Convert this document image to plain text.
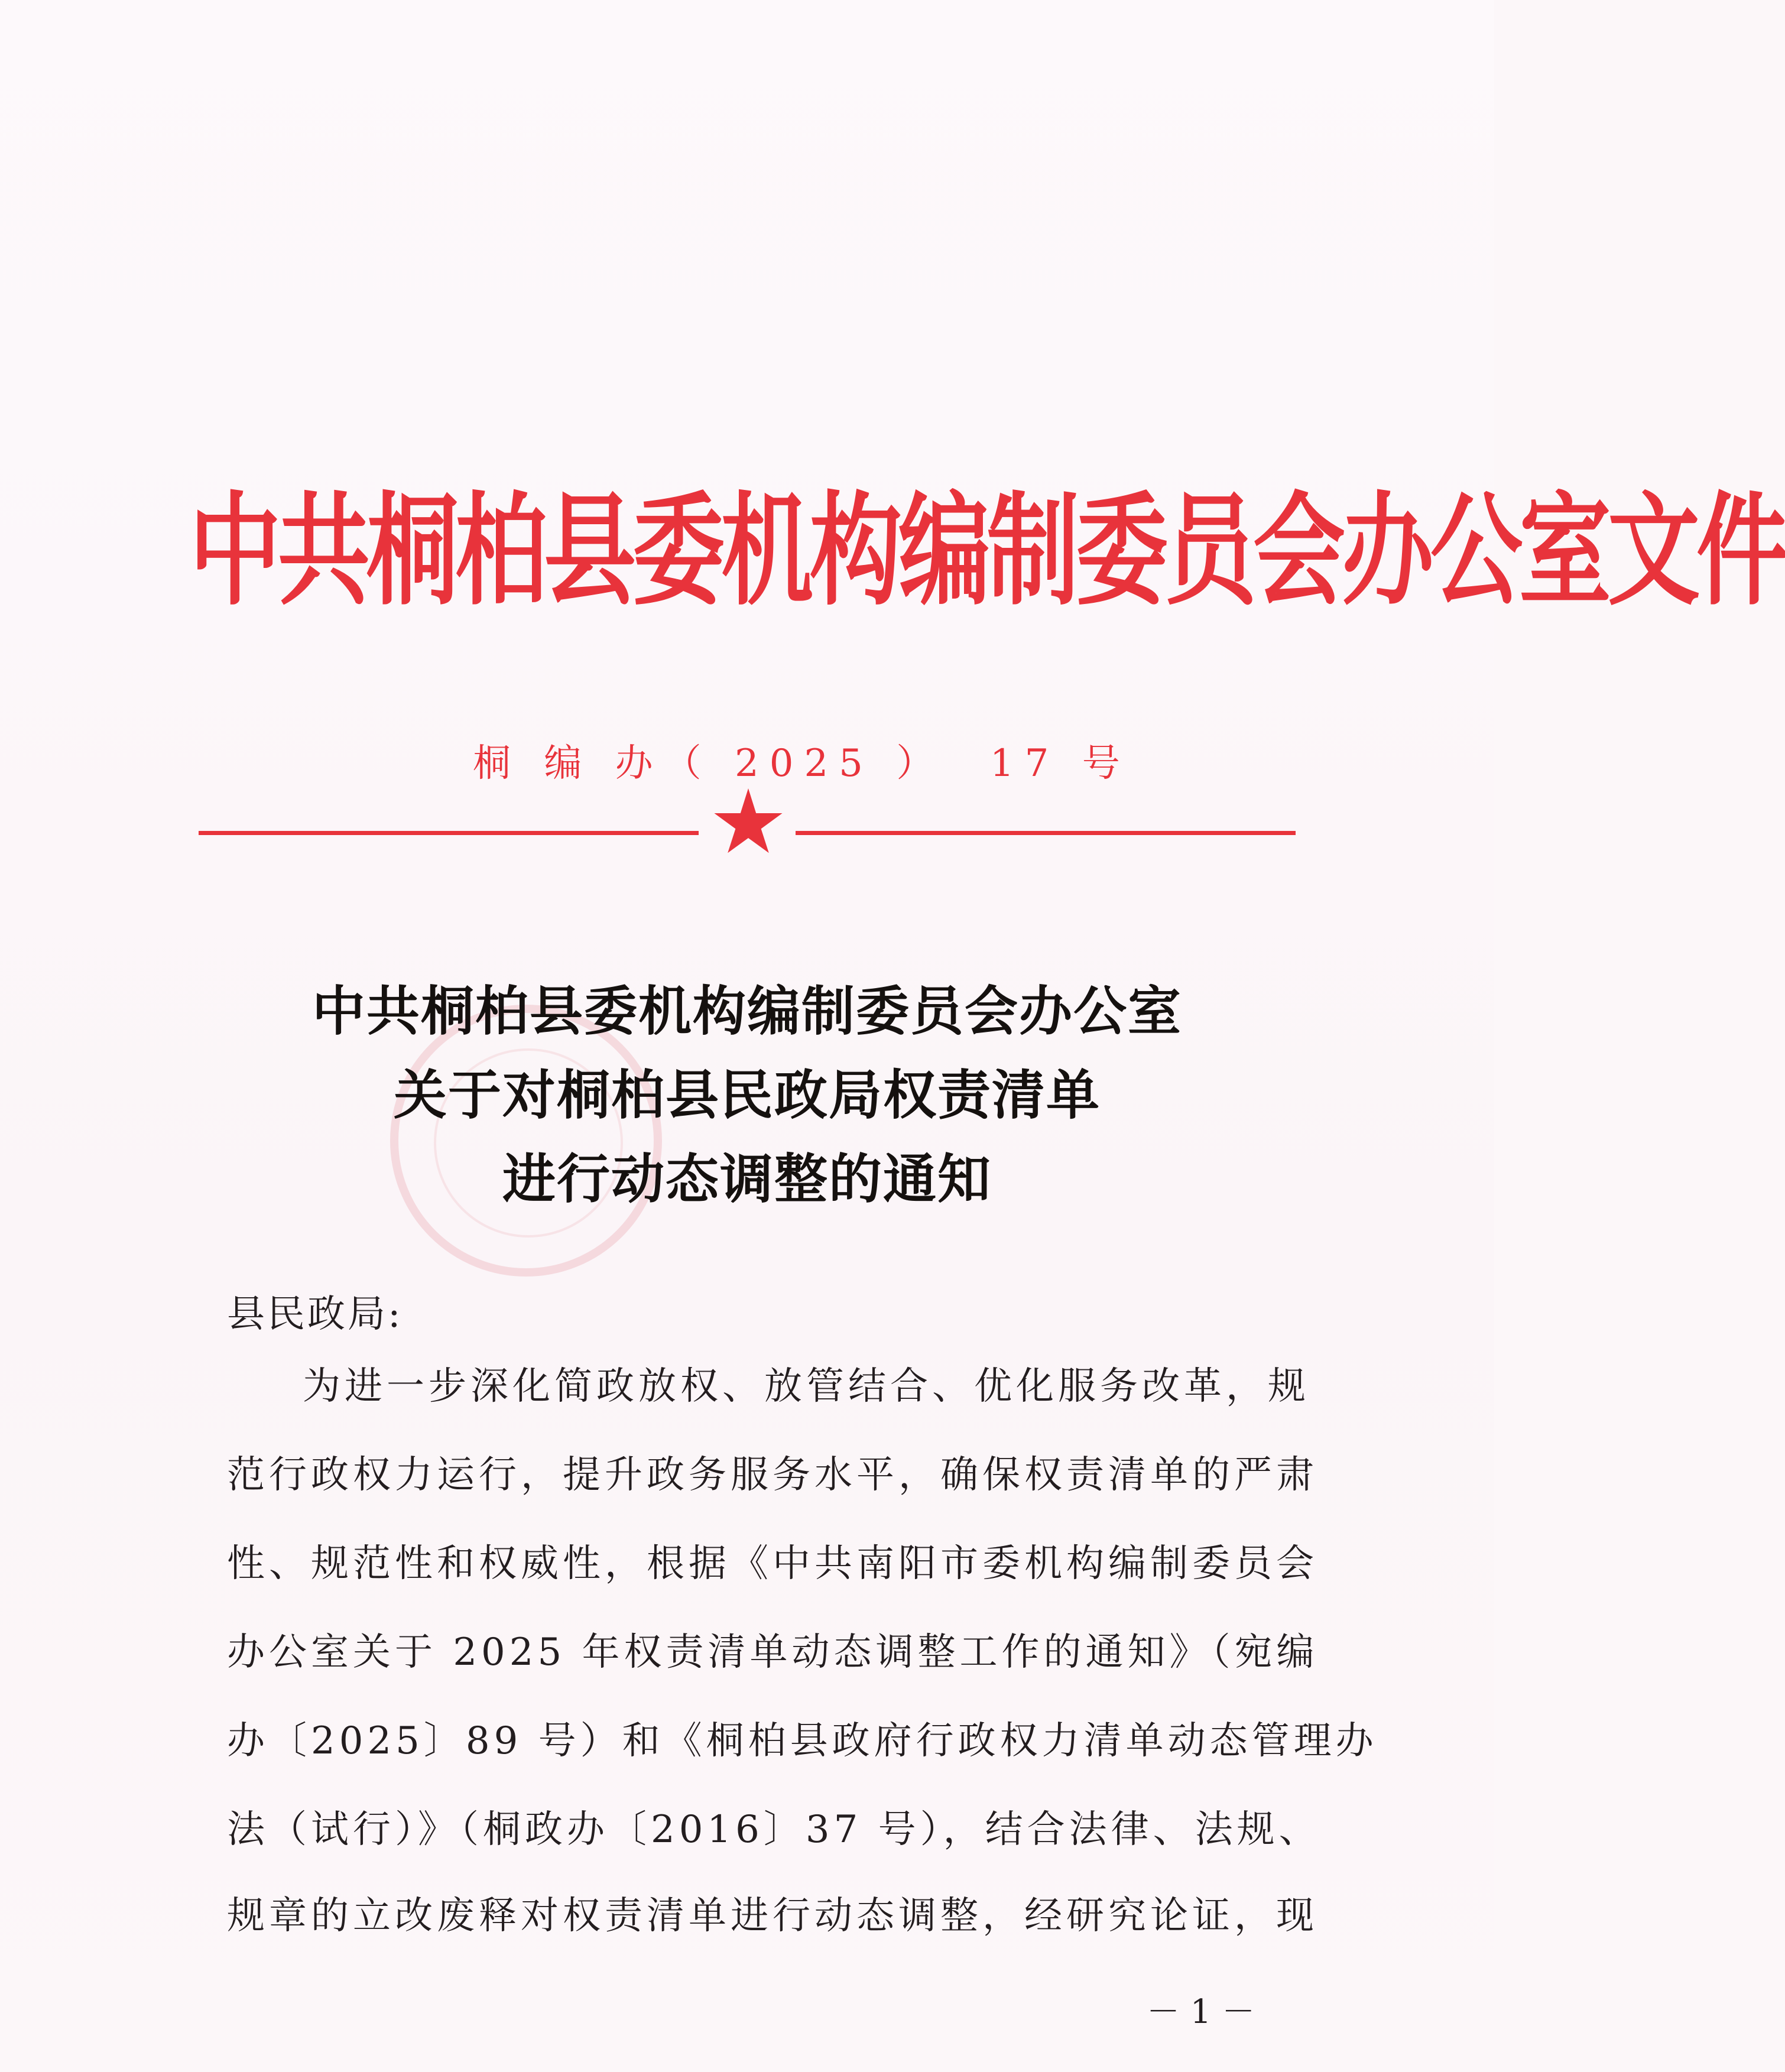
中共桐柏县委机构编制委员会办公室文件
桐 编 办（ 2025 ）  17 号
中共桐柏县委机构编制委员会办公室
关于对桐柏县民政局权责清单
进行动态调整的通知
县民政局:
为进一步深化简政放权、放管结合、优化服务改革，规
范行政权力运行，提升政务服务水平，确保权责清单的严肃
性、规范性和权威性，根据《中共南阳市委机构编制委员会
办公室关于 2025 年权责清单动态调整工作的通知》（宛编
办〔2025〕89 号）和《桐柏县政府行政权力清单动态管理办
法（试行）》（桐政办〔2016〕37 号），结合法律、法规、
规章的立改废释对权责清单进行动态调整，经研究论证，现
－ 1 －
